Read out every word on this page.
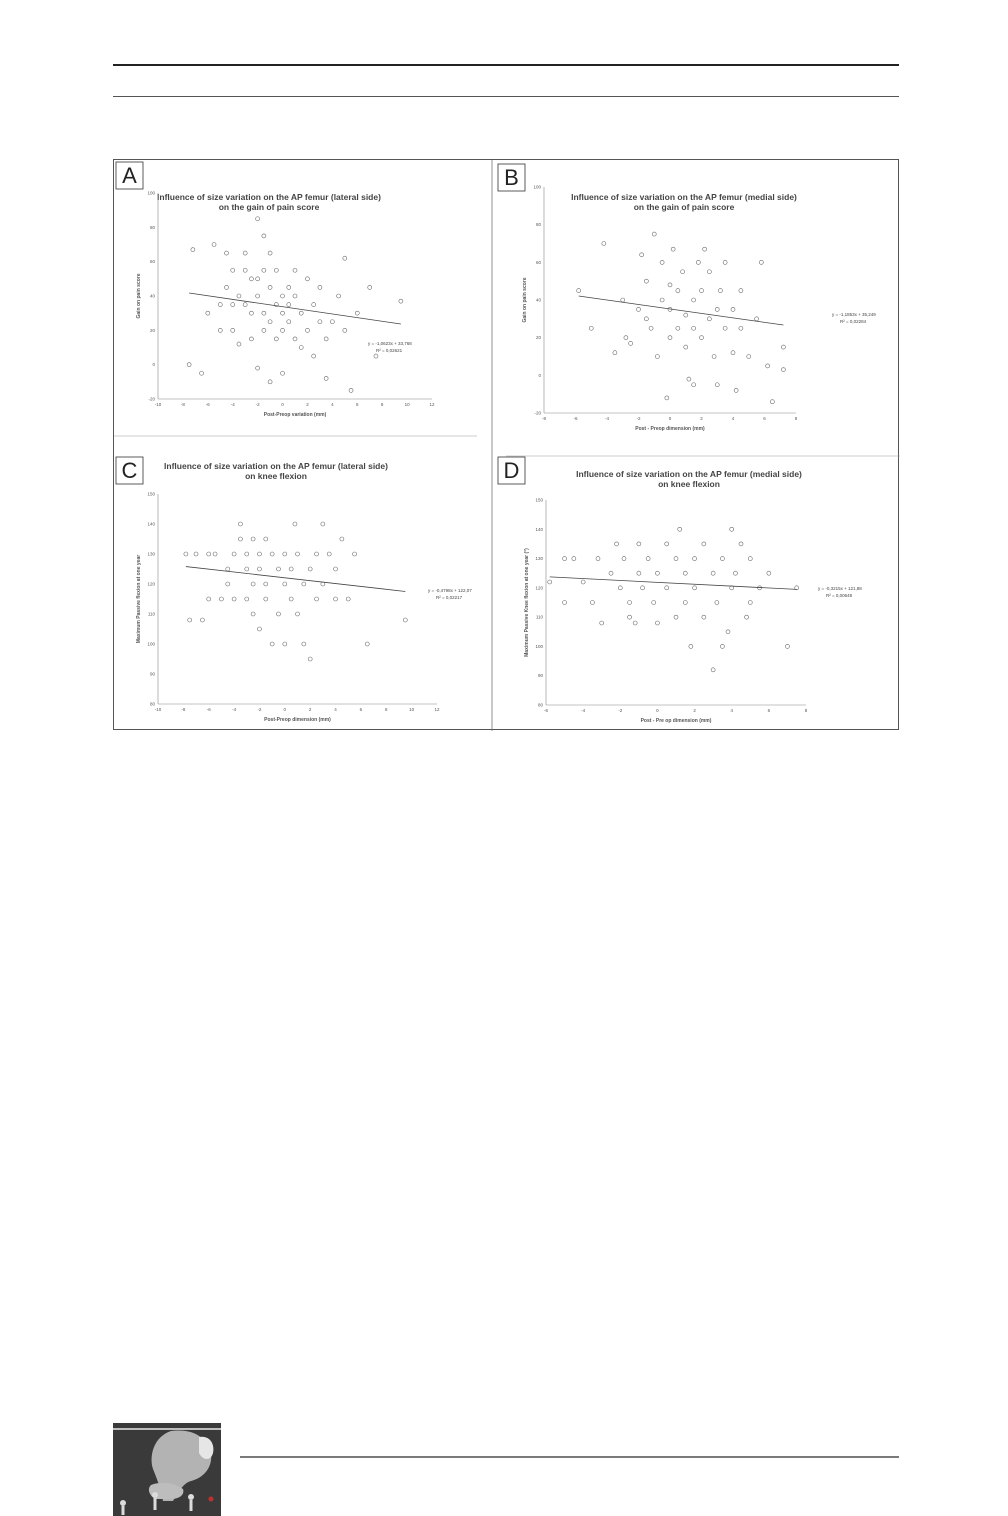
A
Influence of size variation on the AP femur (lateral side)
on the gain of pain score
-10	-8	-6	-4	-2	0	2	4	6	8	10	12
-20
0
20
40
60
80
100
Post-Preop variation (mm)
Gain on pain score
y = -1,0623x + 33,768
R² = 0,02621
B
Influence of size variation on the AP femur (medial side)
on the gain of pain score
-8	-6	-4	-2	0	2	4	6	8
-20
0
20
40
60
80
100
Post - Preop dimension (mm)
Gain on pain score	y = -1,1853x + 35,249
R² = 0,02284
C	Influence of size variation on the AP femur (lateral side)
on knee flexion
-10	-8	-6	-4	-2	0	2	4	6	8	10	12
80
90
100
110
120
130
140
150
Post-Preop dimension (mm)
Maximum Passive flexion at one year	y = -0,4798x + 122,07
R² = 0,02217
D	Influence of size variation on the AP femur (medial side)
on knee flexion
-6	-4	-2	0	2	4	6	8
80
90
100
110
120
130
140
150
Post - Pre op dimension (mm)
Maximum Passive Knee flexion at one year (°)	y = -0,3215x + 121,88
R² = 0,00648
